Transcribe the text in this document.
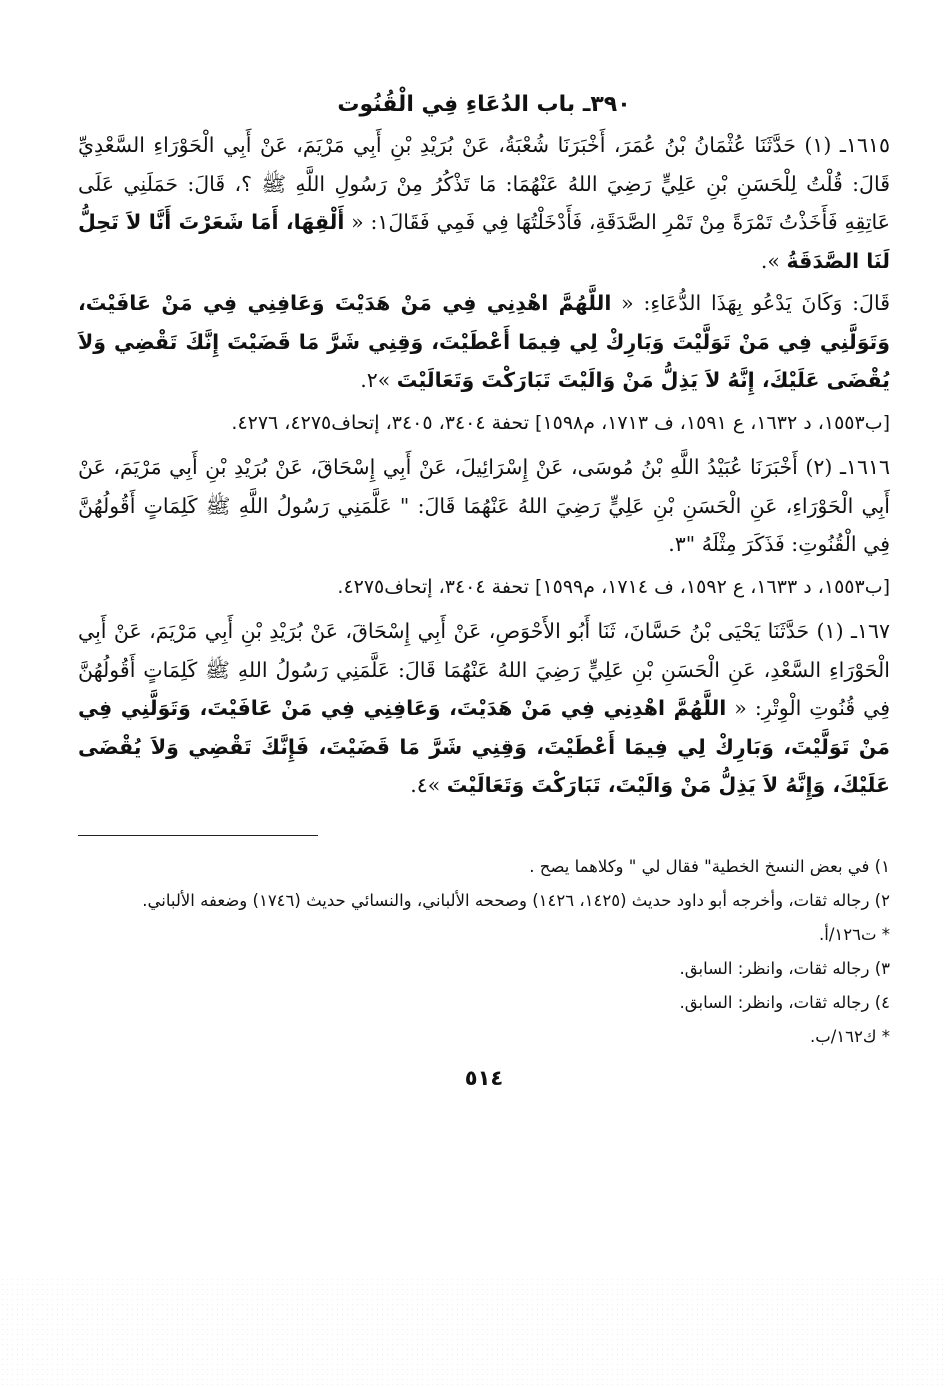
٣٩٠ـ باب الدُعَاءِ فِي الْقُنُوت

١٦١٥ـ (١) حَدَّثَنَا عُثْمَانُ بْنُ عُمَرَ، أَخْبَرَنَا شُعْبَةُ، عَنْ بُرَيْدِ بْنِ أَبِي مَرْيَمَ، عَنْ أَبِي الْحَوْرَاءِ السَّعْدِيِّ قَالَ: قُلْتُ لِلْحَسَنِ بْنِ عَلِيٍّ رَضِيَ اللهُ عَنْهُمَا: مَا تَذْكُرُ مِنْ رَسُولِ اللَّهِ ﷺ ؟، قَالَ: حَمَلَنِي عَلَى عَاتِقِهِ فَأَخَذْتُ تَمْرَةً مِنْ تَمْرِ الصَّدَقَةِ، فَأَدْخَلْتُهَا فِي فَمِي فَقَالَ١: « أَلْقِهَا، أَمَا شَعَرْتَ أَنَّا لاَ تَحِلُّ لَنَا الصَّدَقَةُ ».

قَالَ: وَكَانَ يَدْعُو بِهَذَا الدُّعَاءِ: « اللَّهُمَّ اهْدِنِي فِي مَنْ هَدَيْتَ وَعَافِنِي فِي مَنْ عَافَيْتَ، وَتَوَلَّنِي فِي مَنْ تَوَلَّيْتَ وَبَارِكْ لِي فِيمَا أَعْطَيْتَ، وَقِنِي شَرَّ مَا قَضَيْتَ إِنَّكَ تَقْضِي وَلاَ يُقْضَى عَلَيْكَ، إِنَّهُ لاَ يَذِلُّ مَنْ وَالَيْتَ تَبَارَكْتَ وَتَعَالَيْتَ »٢.

[ب١٥٥٣، د ١٦٣٢، ع ١٥٩١، ف ١٧١٣، م١٥٩٨] تحفة ٣٤٠٤، ٣٤٠٥، إتحاف٤٢٧٥، ٤٢٧٦.

١٦١٦ـ (٢) أَخْبَرَنَا عُبَيْدُ اللَّهِ بْنُ مُوسَى، عَنْ إِسْرَائِيلَ، عَنْ أَبِي إِسْحَاقَ، عَنْ بُرَيْدِ بْنِ أَبِي مَرْيَمَ، عَنْ أَبِي الْحَوْرَاءِ، عَنِ الْحَسَنِ بْنِ عَلِيٍّ رَضِيَ اللهُ عَنْهُمَا قَالَ: " عَلَّمَنِي رَسُولُ اللَّهِ ﷺ كَلِمَاتٍ أَقُولُهُنَّ فِي الْقُنُوتِ: فَذَكَرَ مِثْلَهُ "٣.

[ب١٥٥٣، د ١٦٣٣، ع ١٥٩٢، ف ١٧١٤، م١٥٩٩] تحفة ٣٤٠٤، إتحاف٤٢٧٥.

١٦٧ـ (١) حَدَّثَنَا يَحْيَى بْنُ حَسَّانَ، ثَنَا أَبُو الأَحْوَصِ، عَنْ أَبِي إِسْحَاقَ، عَنْ بُرَيْدِ بْنِ أَبِي مَرْيَمَ، عَنْ أَبِي الْحَوْرَاءِ السَّعْدِ، عَنِ الْحَسَنِ بْنِ عَلِيٍّ رَضِيَ اللهُ عَنْهُمَا قَالَ: عَلَّمَنِي رَسُولُ اللهِ ﷺ كَلِمَاتٍ أَقُولُهُنَّ فِي قُنُوتِ الْوِتْرِ: « اللَّهُمَّ اهْدِنِي فِي مَنْ هَدَيْتَ، وَعَافِنِي فِي مَنْ عَافَيْتَ، وَتَوَلَّنِي فِي مَنْ تَوَلَّيْتَ، وَبَارِكْ لِي فِيمَا أَعْطَيْتَ، وَقِنِي شَرَّ مَا قَضَيْتَ، فَإِنَّكَ تَقْضِي وَلاَ يُقْضَى عَلَيْكَ، وَإِنَّهُ لاَ يَذِلُّ مَنْ وَالَيْتَ، تَبَارَكْتَ وَتَعَالَيْتَ »٤.

١) في بعض النسخ الخطية" فقال لي " وكلاهما يصح .

٢) رجاله ثقات، وأخرجه أبو داود حديث (١٤٢٥، ١٤٢٦) وصححه الألباني، والنسائي حديث (١٧٤٦) وضعفه الألباني.

* ت١٢٦/أ.

٣) رجاله ثقات، وانظر: السابق.

٤) رجاله ثقات، وانظر: السابق.

* ك١٦٢/ب.

٥١٤
